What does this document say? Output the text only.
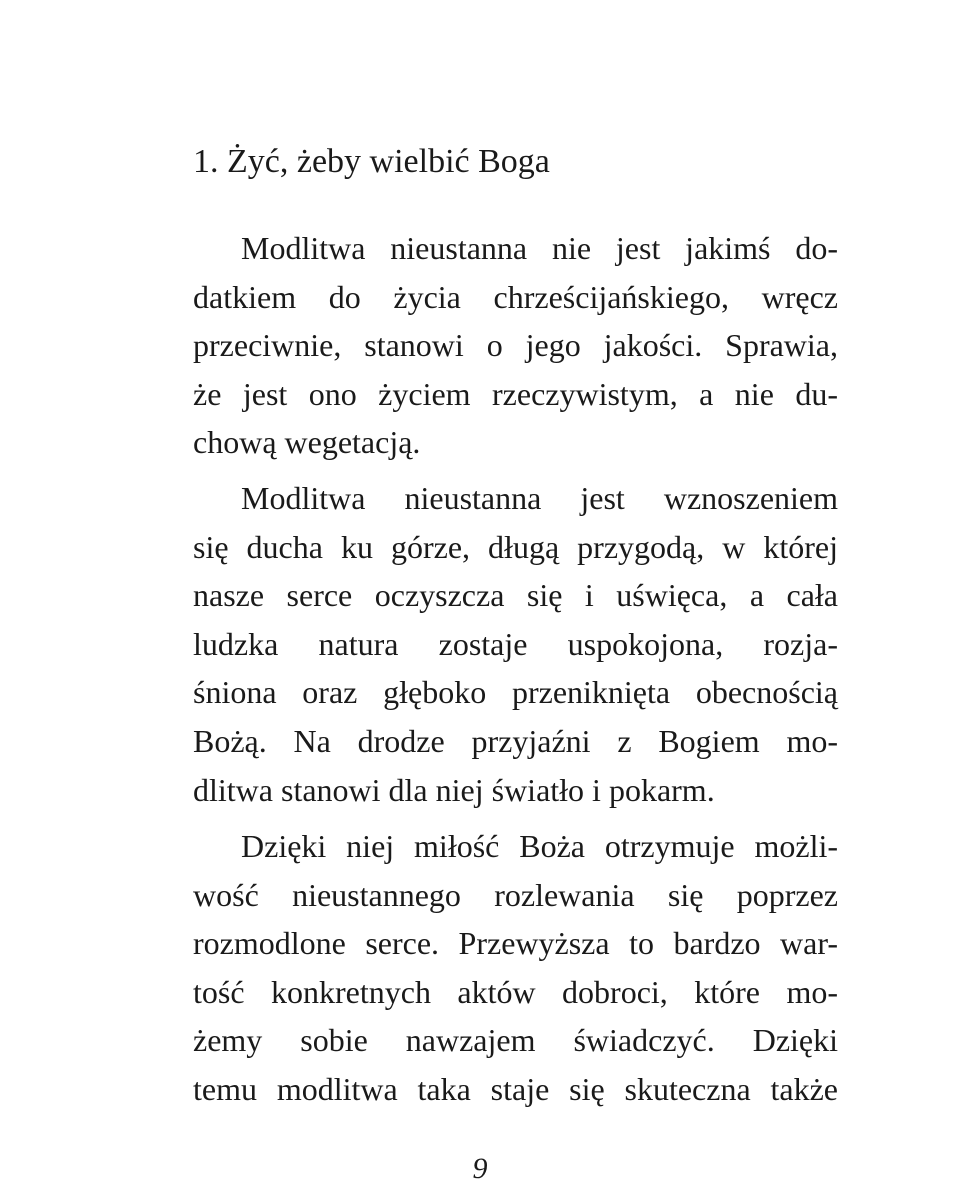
1. Żyć, żeby wielbić Boga

Modlitwa nieustanna nie jest jakimś do-
datkiem do życia chrześcijańskiego, wręcz
przeciwnie, stanowi o jego jakości. Sprawia,
że jest ono życiem rzeczywistym, a nie du-
chową wegetacją.

Modlitwa nieustanna jest wznoszeniem
się ducha ku górze, długą przygodą, w której
nasze serce oczyszcza się i uświęca, a cała
ludzka natura zostaje uspokojona, rozja-
śniona oraz głęboko przeniknięta obecnością
Bożą. Na drodze przyjaźni z Bogiem mo-
dlitwa stanowi dla niej światło i pokarm.

Dzięki niej miłość Boża otrzymuje możli-
wość nieustannego rozlewania się poprzez
rozmodlone serce. Przewyższa to bardzo war-
tość konkretnych aktów dobroci, które mo-
żemy sobie nawzajem świadczyć. Dzięki
temu modlitwa taka staje się skuteczna także

9
